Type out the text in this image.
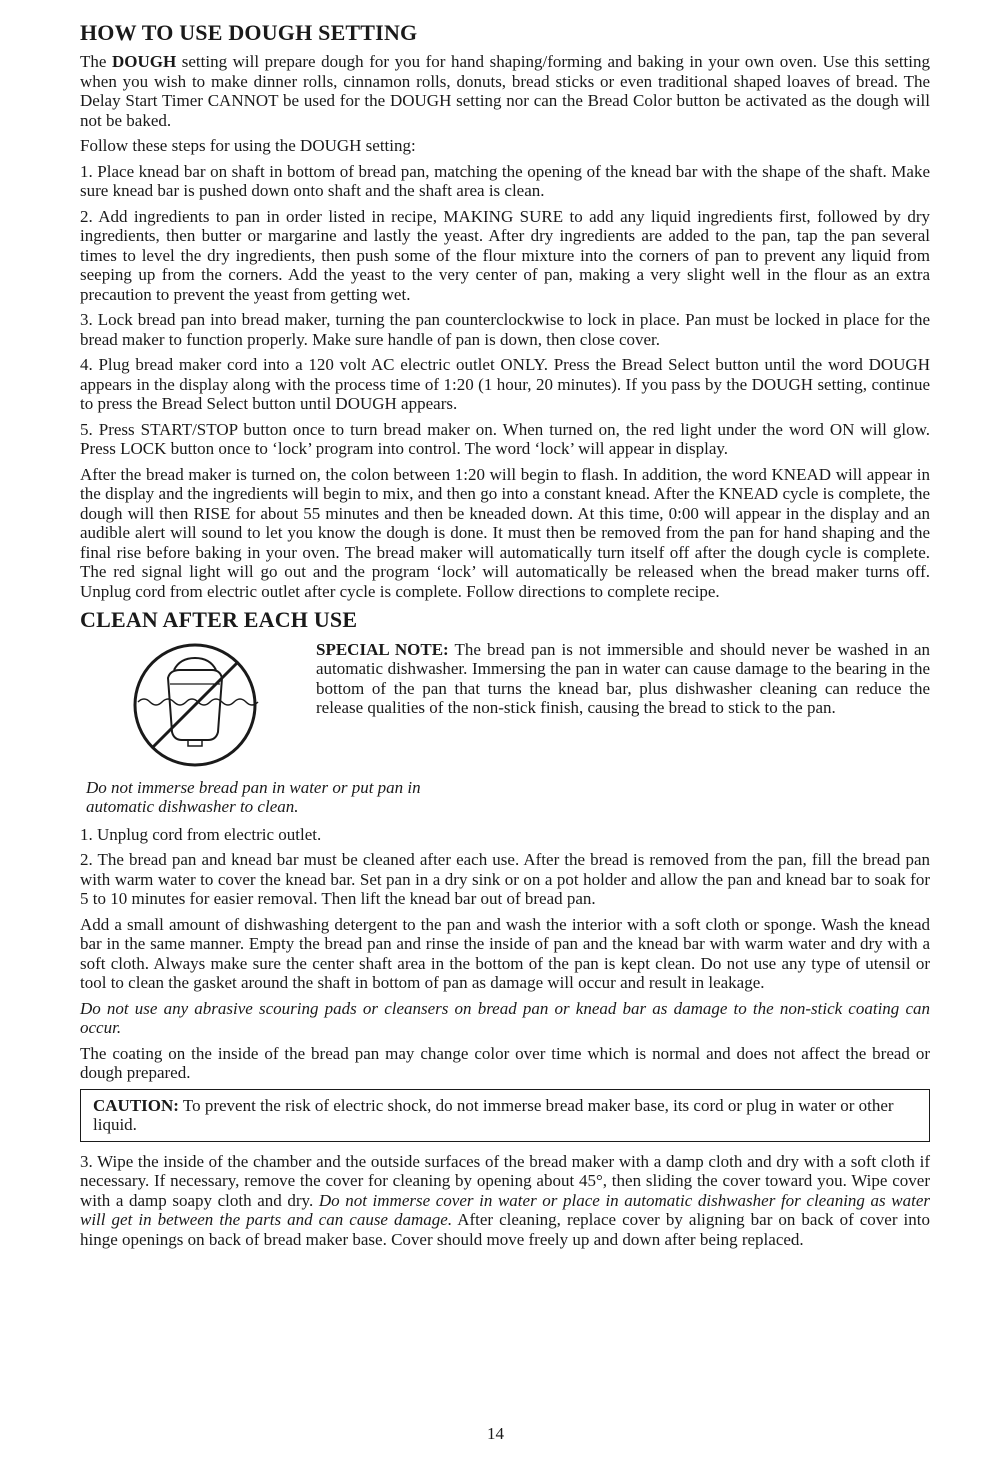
HOW TO USE DOUGH SETTING

The DOUGH setting will prepare dough for you for hand shaping/forming and baking in your own oven. Use this setting when you wish to make dinner rolls, cinnamon rolls, donuts, bread sticks or even traditional shaped loaves of bread. The Delay Start Timer CANNOT be used for the DOUGH setting nor can the Bread Color button be activated as the dough will not be baked.

Follow these steps for using the DOUGH setting:

1. Place knead bar on shaft in bottom of bread pan, matching the opening of the knead bar with the shape of the shaft. Make sure knead bar is pushed down onto shaft and the shaft area is clean.

2. Add ingredients to pan in order listed in recipe, MAKING SURE to add any liquid ingredients first, followed by dry ingredients, then butter or margarine and lastly the yeast. After dry ingredients are added to the pan, tap the pan several times to level the dry ingredients, then push some of the flour mixture into the corners of pan to prevent any liquid from seeping up from the corners. Add the yeast to the very center of pan, making a very slight well in the flour as an extra precaution to prevent the yeast from getting wet.

3. Lock bread pan into bread maker, turning the pan counterclockwise to lock in place. Pan must be locked in place for the bread maker to function properly. Make sure handle of pan is down, then close cover.

4. Plug bread maker cord into a 120 volt AC electric outlet ONLY. Press the Bread Select button until the word DOUGH appears in the display along with the process time of 1:20 (1 hour, 20 minutes). If you pass by the DOUGH setting, continue to press the Bread Select button until DOUGH appears.

5. Press START/STOP button once to turn bread maker on. When turned on, the red light under the word ON will glow. Press LOCK button once to ‘lock’ program into control. The word ‘lock’ will appear in display.

After the bread maker is turned on, the colon between 1:20 will begin to flash. In addition, the word KNEAD will appear in the display and the ingredients will begin to mix, and then go into a constant knead. After the KNEAD cycle is complete, the dough will then RISE for about 55 minutes and then be kneaded down. At this time, 0:00 will appear in the display and an audible alert will sound to let you know the dough is done. It must then be removed from the pan for hand shaping and the final rise before baking in your oven. The bread maker will automatically turn itself off after the dough cycle is complete. The red signal light will go out and the program ‘lock’ will automatically be released when the bread maker turns off. Unplug cord from electric outlet after cycle is complete. Follow directions to complete recipe.

CLEAN AFTER EACH USE

SPECIAL NOTE: The bread pan is not immersible and should never be washed in an automatic dishwasher. Immersing the pan in water can cause damage to the bearing in the bottom of the pan that turns the knead bar, plus dishwasher cleaning can reduce the release qualities of the non-stick finish, causing the bread to stick to the pan.

Do not immerse bread pan in water or put pan in automatic dishwasher to clean.

1. Unplug cord from electric outlet.

2. The bread pan and knead bar must be cleaned after each use. After the bread is removed from the pan, fill the bread pan with warm water to cover the knead bar. Set pan in a dry sink or on a pot holder and allow the pan and knead bar to soak for 5 to 10 minutes for easier removal. Then lift the knead bar out of bread pan.

Add a small amount of dishwashing detergent to the pan and wash the interior with a soft cloth or sponge. Wash the knead bar in the same manner. Empty the bread pan and rinse the inside of pan and the knead bar with warm water and dry with a soft cloth. Always make sure the center shaft area in the bottom of the pan is kept clean. Do not use any type of utensil or tool to clean the gasket around the shaft in bottom of pan as damage will occur and result in leakage.

Do not use any abrasive scouring pads or cleansers on bread pan or knead bar as damage to the non-stick coating can occur.

The coating on the inside of the bread pan may change color over time which is normal and does not affect the bread or dough prepared.

CAUTION: To prevent the risk of electric shock, do not immerse bread maker base, its cord or plug in water or other liquid.

3. Wipe the inside of the chamber and the outside surfaces of the bread maker with a damp cloth and dry with a soft cloth if necessary. If necessary, remove the cover for cleaning by opening about 45°, then sliding the cover toward you. Wipe cover with a damp soapy cloth and dry. Do not immerse cover in water or place in automatic dishwasher for cleaning as water will get in between the parts and can cause damage. After cleaning, replace cover by aligning bar on back of cover into hinge openings on back of bread maker base. Cover should move freely up and down after being replaced.

14
